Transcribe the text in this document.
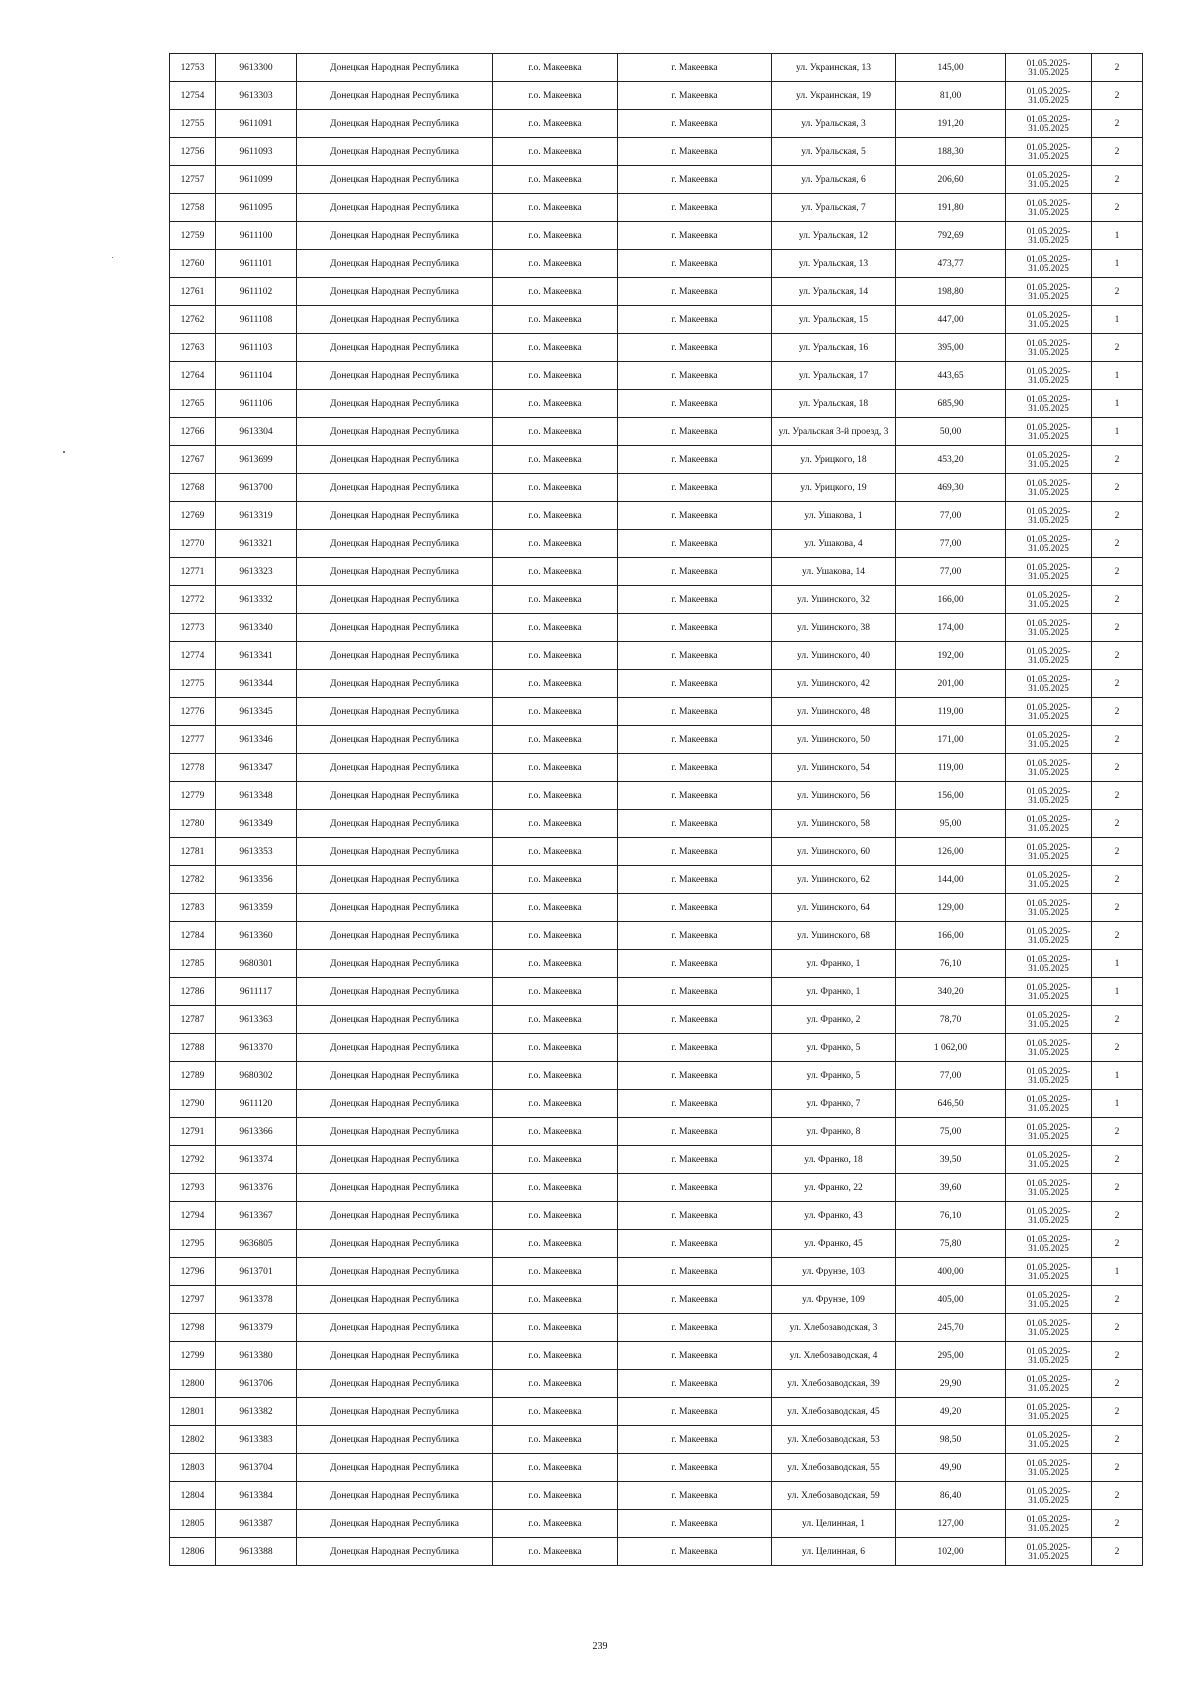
12753	9613300	Донецкая Народная Республика	г.о. Макеевка	г. Макеевка	ул. Украинская, 13	145,00	01.05.2025- 31.05.2025	2
12754	9613303	Донецкая Народная Республика	г.о. Макеевка	г. Макеевка	ул. Украинская, 19	81,00	01.05.2025- 31.05.2025	2
12755	9611091	Донецкая Народная Республика	г.о. Макеевка	г. Макеевка	ул. Уральская, 3	191,20	01.05.2025- 31.05.2025	2
12756	9611093	Донецкая Народная Республика	г.о. Макеевка	г. Макеевка	ул. Уральская, 5	188,30	01.05.2025- 31.05.2025	2
12757	9611099	Донецкая Народная Республика	г.о. Макеевка	г. Макеевка	ул. Уральская, 6	206,60	01.05.2025- 31.05.2025	2
12758	9611095	Донецкая Народная Республика	г.о. Макеевка	г. Макеевка	ул. Уральская, 7	191,80	01.05.2025- 31.05.2025	2
12759	9611100	Донецкая Народная Республика	г.о. Макеевка	г. Макеевка	ул. Уральская, 12	792,69	01.05.2025- 31.05.2025	1
12760	9611101	Донецкая Народная Республика	г.о. Макеевка	г. Макеевка	ул. Уральская, 13	473,77	01.05.2025- 31.05.2025	1
12761	9611102	Донецкая Народная Республика	г.о. Макеевка	г. Макеевка	ул. Уральская, 14	198,80	01.05.2025- 31.05.2025	2
12762	9611108	Донецкая Народная Республика	г.о. Макеевка	г. Макеевка	ул. Уральская, 15	447,00	01.05.2025- 31.05.2025	1
12763	9611103	Донецкая Народная Республика	г.о. Макеевка	г. Макеевка	ул. Уральская, 16	395,00	01.05.2025- 31.05.2025	2
12764	9611104	Донецкая Народная Республика	г.о. Макеевка	г. Макеевка	ул. Уральская, 17	443,65	01.05.2025- 31.05.2025	1
12765	9611106	Донецкая Народная Республика	г.о. Макеевка	г. Макеевка	ул. Уральская, 18	685,90	01.05.2025- 31.05.2025	1
12766	9613304	Донецкая Народная Республика	г.о. Макеевка	г. Макеевка	ул. Уральская 3-й проезд, 3	50,00	01.05.2025- 31.05.2025	1
12767	9613699	Донецкая Народная Республика	г.о. Макеевка	г. Макеевка	ул. Урицкого, 18	453,20	01.05.2025- 31.05.2025	2
12768	9613700	Донецкая Народная Республика	г.о. Макеевка	г. Макеевка	ул. Урицкого, 19	469,30	01.05.2025- 31.05.2025	2
12769	9613319	Донецкая Народная Республика	г.о. Макеевка	г. Макеевка	ул. Ушакова, 1	77,00	01.05.2025- 31.05.2025	2
12770	9613321	Донецкая Народная Республика	г.о. Макеевка	г. Макеевка	ул. Ушакова, 4	77,00	01.05.2025- 31.05.2025	2
12771	9613323	Донецкая Народная Республика	г.о. Макеевка	г. Макеевка	ул. Ушакова, 14	77,00	01.05.2025- 31.05.2025	2
12772	9613332	Донецкая Народная Республика	г.о. Макеевка	г. Макеевка	ул. Ушинского, 32	166,00	01.05.2025- 31.05.2025	2
12773	9613340	Донецкая Народная Республика	г.о. Макеевка	г. Макеевка	ул. Ушинского, 38	174,00	01.05.2025- 31.05.2025	2
12774	9613341	Донецкая Народная Республика	г.о. Макеевка	г. Макеевка	ул. Ушинского, 40	192,00	01.05.2025- 31.05.2025	2
12775	9613344	Донецкая Народная Республика	г.о. Макеевка	г. Макеевка	ул. Ушинского, 42	201,00	01.05.2025- 31.05.2025	2
12776	9613345	Донецкая Народная Республика	г.о. Макеевка	г. Макеевка	ул. Ушинского, 48	119,00	01.05.2025- 31.05.2025	2
12777	9613346	Донецкая Народная Республика	г.о. Макеевка	г. Макеевка	ул. Ушинского, 50	171,00	01.05.2025- 31.05.2025	2
12778	9613347	Донецкая Народная Республика	г.о. Макеевка	г. Макеевка	ул. Ушинского, 54	119,00	01.05.2025- 31.05.2025	2
12779	9613348	Донецкая Народная Республика	г.о. Макеевка	г. Макеевка	ул. Ушинского, 56	156,00	01.05.2025- 31.05.2025	2
12780	9613349	Донецкая Народная Республика	г.о. Макеевка	г. Макеевка	ул. Ушинского, 58	95,00	01.05.2025- 31.05.2025	2
12781	9613353	Донецкая Народная Республика	г.о. Макеевка	г. Макеевка	ул. Ушинского, 60	126,00	01.05.2025- 31.05.2025	2
12782	9613356	Донецкая Народная Республика	г.о. Макеевка	г. Макеевка	ул. Ушинского, 62	144,00	01.05.2025- 31.05.2025	2
12783	9613359	Донецкая Народная Республика	г.о. Макеевка	г. Макеевка	ул. Ушинского, 64	129,00	01.05.2025- 31.05.2025	2
12784	9613360	Донецкая Народная Республика	г.о. Макеевка	г. Макеевка	ул. Ушинского, 68	166,00	01.05.2025- 31.05.2025	2
12785	9680301	Донецкая Народная Республика	г.о. Макеевка	г. Макеевка	ул. Франко, 1	76,10	01.05.2025- 31.05.2025	1
12786	9611117	Донецкая Народная Республика	г.о. Макеевка	г. Макеевка	ул. Франко, 1	340,20	01.05.2025- 31.05.2025	1
12787	9613363	Донецкая Народная Республика	г.о. Макеевка	г. Макеевка	ул. Франко, 2	78,70	01.05.2025- 31.05.2025	2
12788	9613370	Донецкая Народная Республика	г.о. Макеевка	г. Макеевка	ул. Франко, 5	1 062,00	01.05.2025- 31.05.2025	2
12789	9680302	Донецкая Народная Республика	г.о. Макеевка	г. Макеевка	ул. Франко, 5	77,00	01.05.2025- 31.05.2025	1
12790	9611120	Донецкая Народная Республика	г.о. Макеевка	г. Макеевка	ул. Франко, 7	646,50	01.05.2025- 31.05.2025	1
12791	9613366	Донецкая Народная Республика	г.о. Макеевка	г. Макеевка	ул. Франко, 8	75,00	01.05.2025- 31.05.2025	2
12792	9613374	Донецкая Народная Республика	г.о. Макеевка	г. Макеевка	ул. Франко, 18	39,50	01.05.2025- 31.05.2025	2
12793	9613376	Донецкая Народная Республика	г.о. Макеевка	г. Макеевка	ул. Франко, 22	39,60	01.05.2025- 31.05.2025	2
12794	9613367	Донецкая Народная Республика	г.о. Макеевка	г. Макеевка	ул. Франко, 43	76,10	01.05.2025- 31.05.2025	2
12795	9636805	Донецкая Народная Республика	г.о. Макеевка	г. Макеевка	ул. Франко, 45	75,80	01.05.2025- 31.05.2025	2
12796	9613701	Донецкая Народная Республика	г.о. Макеевка	г. Макеевка	ул. Фрунзе, 103	400,00	01.05.2025- 31.05.2025	1
12797	9613378	Донецкая Народная Республика	г.о. Макеевка	г. Макеевка	ул. Фрунзе, 109	405,00	01.05.2025- 31.05.2025	2
12798	9613379	Донецкая Народная Республика	г.о. Макеевка	г. Макеевка	ул. Хлебозаводская, 3	245,70	01.05.2025- 31.05.2025	2
12799	9613380	Донецкая Народная Республика	г.о. Макеевка	г. Макеевка	ул. Хлебозаводская, 4	295,00	01.05.2025- 31.05.2025	2
12800	9613706	Донецкая Народная Республика	г.о. Макеевка	г. Макеевка	ул. Хлебозаводская, 39	29,90	01.05.2025- 31.05.2025	2
12801	9613382	Донецкая Народная Республика	г.о. Макеевка	г. Макеевка	ул. Хлебозаводская, 45	49,20	01.05.2025- 31.05.2025	2
12802	9613383	Донецкая Народная Республика	г.о. Макеевка	г. Макеевка	ул. Хлебозаводская, 53	98,50	01.05.2025- 31.05.2025	2
12803	9613704	Донецкая Народная Республика	г.о. Макеевка	г. Макеевка	ул. Хлебозаводская, 55	49,90	01.05.2025- 31.05.2025	2
12804	9613384	Донецкая Народная Республика	г.о. Макеевка	г. Макеевка	ул. Хлебозаводская, 59	86,40	01.05.2025- 31.05.2025	2
12805	9613387	Донецкая Народная Республика	г.о. Макеевка	г. Макеевка	ул. Целинная, 1	127,00	01.05.2025- 31.05.2025	2
12806	9613388	Донецкая Народная Республика	г.о. Макеевка	г. Макеевка	ул. Целинная, 6	102,00	01.05.2025- 31.05.2025	2
239
